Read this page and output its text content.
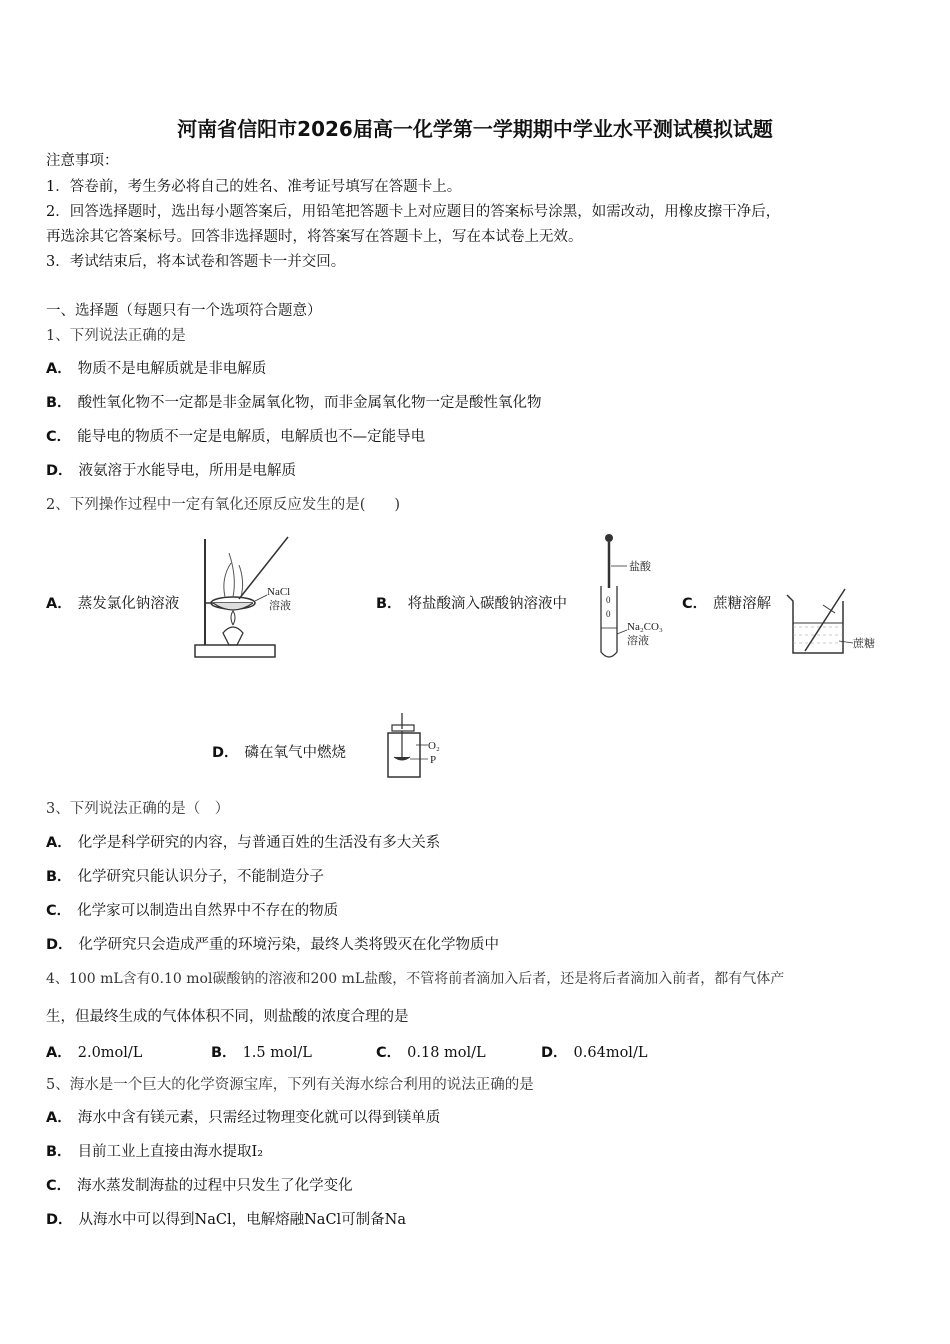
河南省信阳市2026届高一化学第一学期期中学业水平测试模拟试题
注意事项：
1．答卷前，考生务必将自己的姓名、准考证号填写在答题卡上。
2．回答选择题时，选出每小题答案后，用铅笔把答题卡上对应题目的答案标号涂黑，如需改动，用橡皮擦干净后，
再选涂其它答案标号。回答非选择题时，将答案写在答题卡上，写在本试卷上无效。
3．考试结束后，将本试卷和答题卡一并交回。
一、选择题（每题只有一个选项符合题意）
1、下列说法正确的是
A． 物质不是电解质就是非电解质
B． 酸性氧化物不一定都是非金属氧化物，而非金属氧化物一定是酸性氧化物
C． 能导电的物质不一定是电解质，电解质也不—定能导电
D． 液氨溶于水能导电，所用是电解质
2、下列操作过程中一定有氧化还原反应发生的是(　　)
A． 蒸发氯化钠溶液
NaCl
溶液	B． 将盐酸滴入碳酸钠溶液中
盐酸
0
0
Na₂CO₃
溶液
C． 蔗糖溶解
蔗糖
D． 磷在氧气中燃烧	O₂
P
3、下列说法正确的是（　）
A． 化学是科学研究的内容，与普通百姓的生活没有多大关系
B． 化学研究只能认识分子，不能制造分子
C． 化学家可以制造出自然界中不存在的物质
D． 化学研究只会造成严重的环境污染，最终人类将毁灭在化学物质中
4、100 mL含有0.10 mol碳酸钠的溶液和200 mL盐酸，不管将前者滴加入后者，还是将后者滴加入前者，都有气体产
生，但最终生成的气体体积不同，则盐酸的浓度合理的是
A． 2.0mol/L	B． 1.5 mol/L	C． 0.18 mol/L	D． 0.64mol/L
5、海水是一个巨大的化学资源宝库，下列有关海水综合利用的说法正确的是
A． 海水中含有镁元素，只需经过物理变化就可以得到镁单质
B． 目前工业上直接由海水提取I₂
C． 海水蒸发制海盐的过程中只发生了化学变化
D． 从海水中可以得到NaCl，电解熔融NaCl可制备Na
